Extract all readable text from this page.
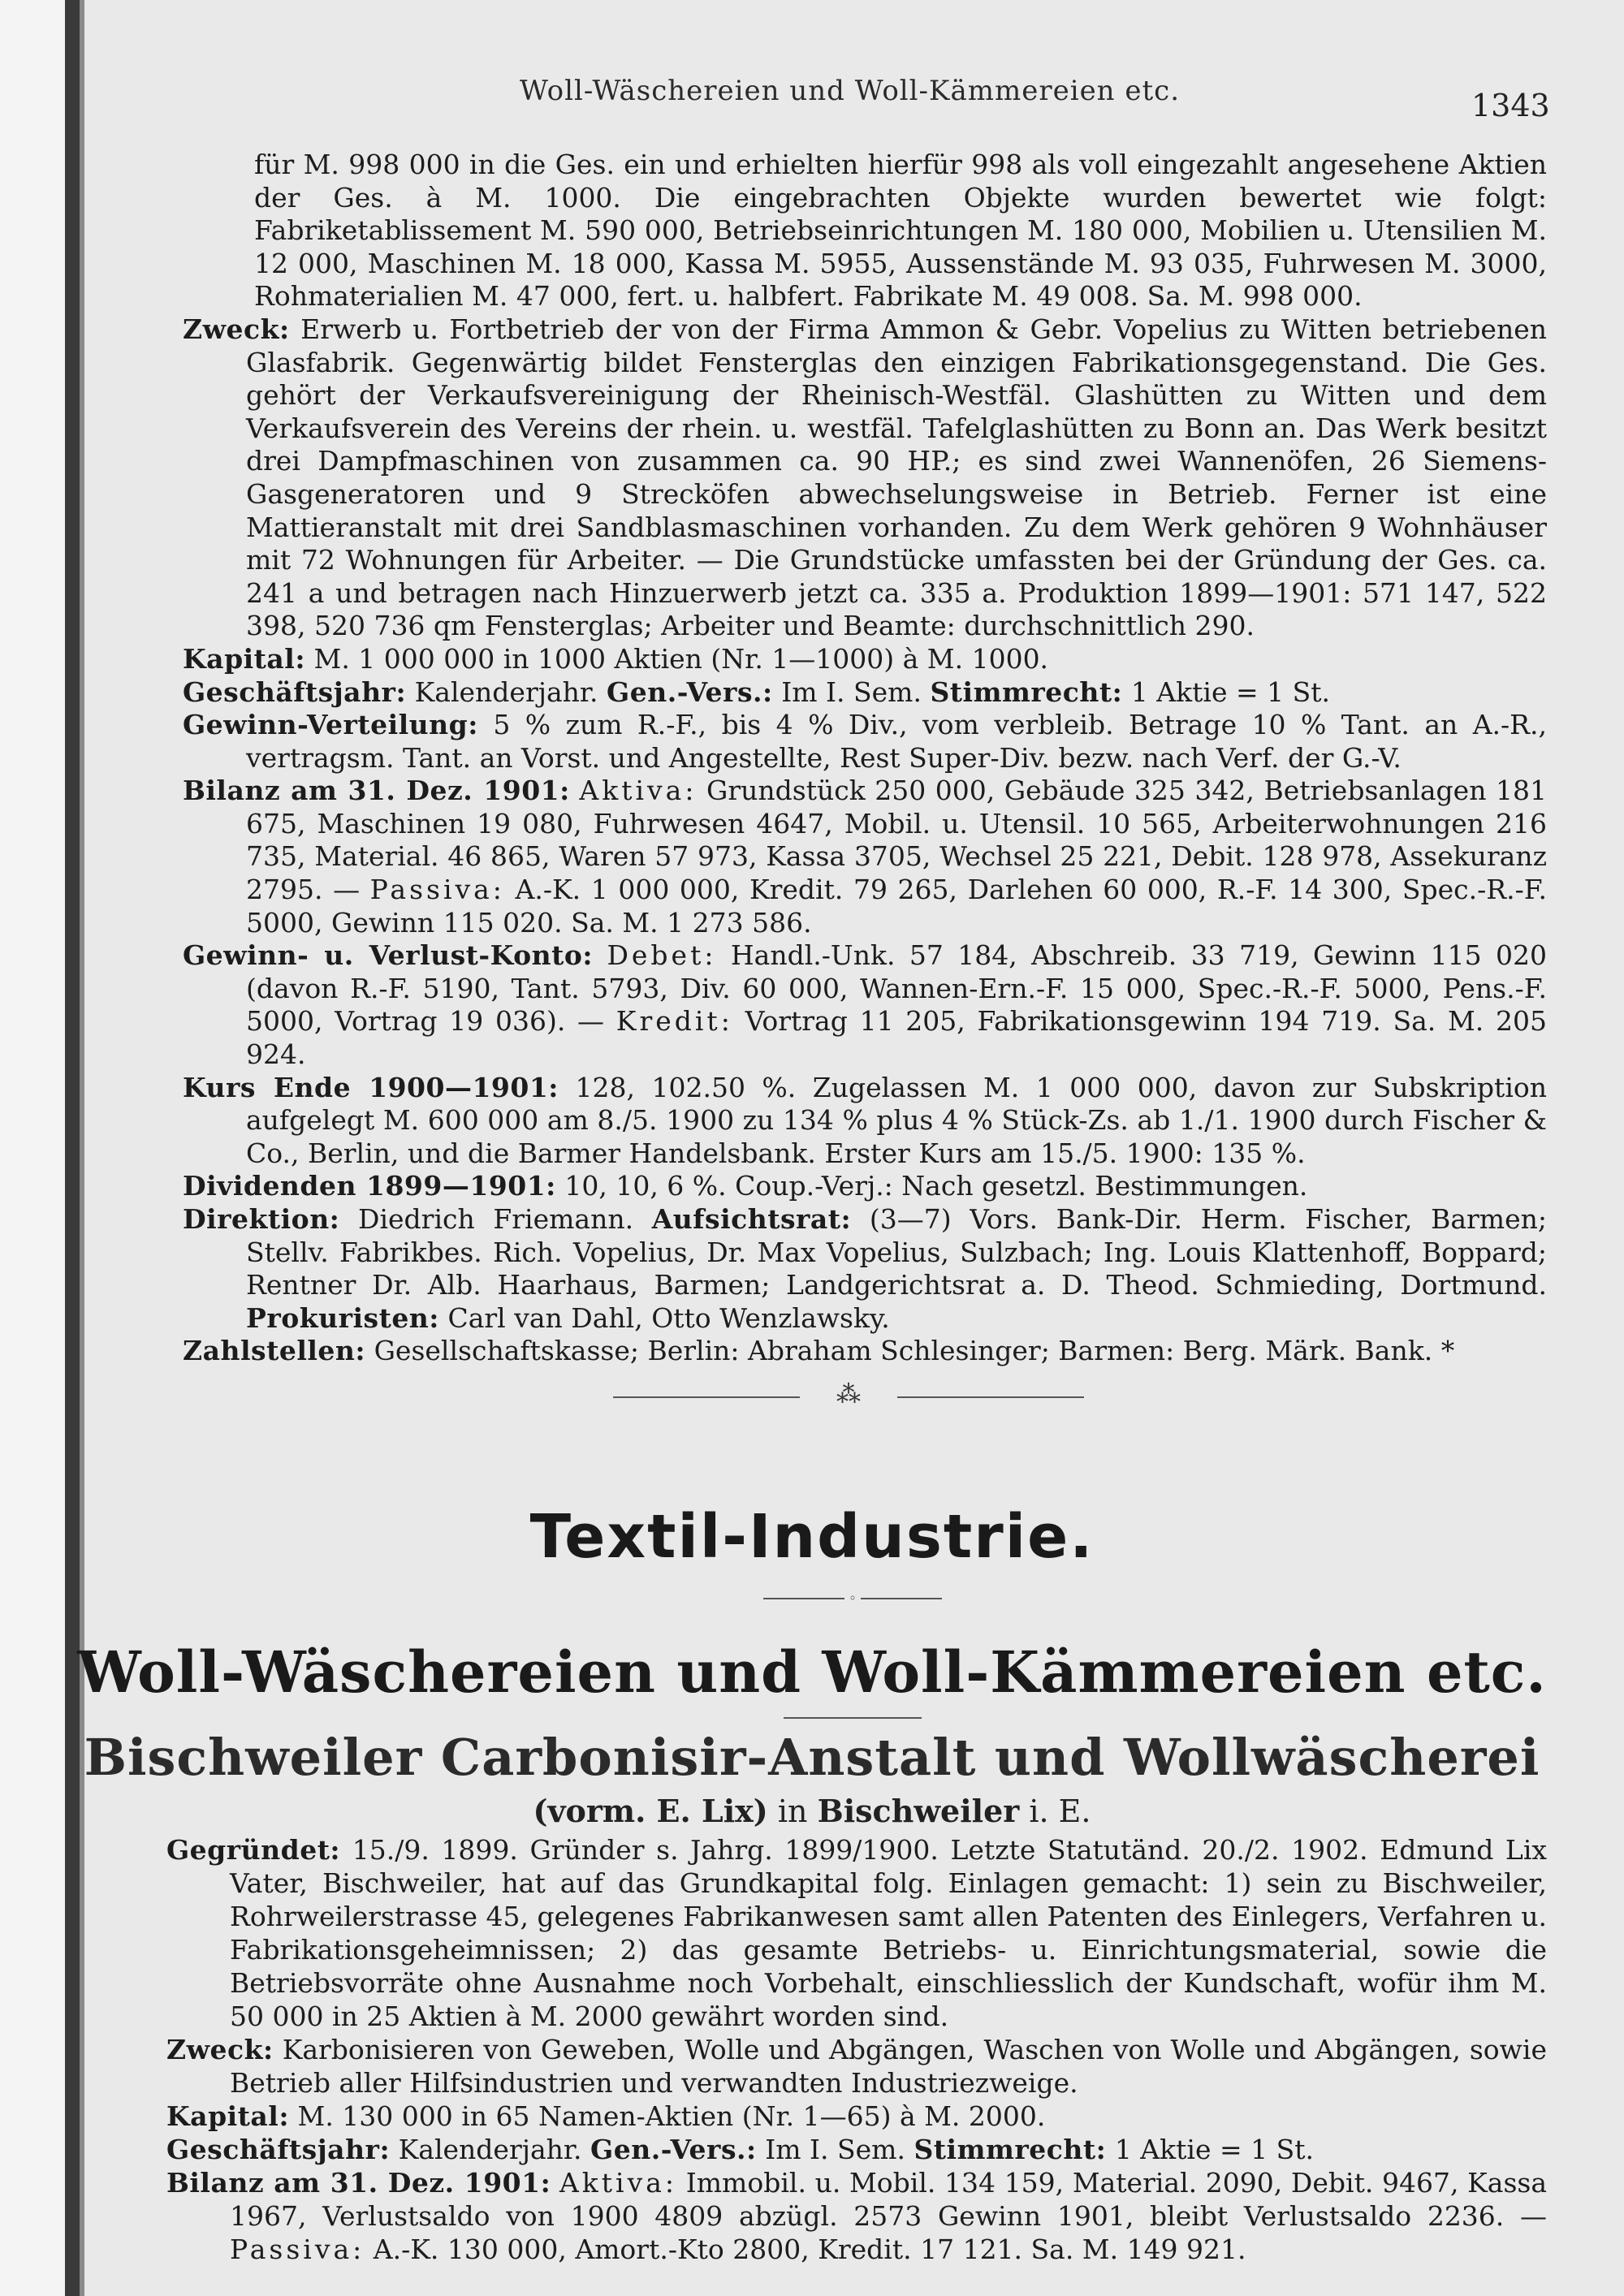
Woll-Wäschereien und Woll-Kämmereien etc.	1343

für M. 998 000 in die Ges. ein und erhielten hierfür 998 als voll eingezahlt angesehene Aktien der Ges. à M. 1000. Die eingebrachten Objekte wurden bewertet wie folgt: Fabriketablissement M. 590 000, Betriebseinrichtungen M. 180 000, Mobilien u. Utensilien M. 12 000, Maschinen M. 18 000, Kassa M. 5955, Aussenstände M. 93 035, Fuhrwesen M. 3000, Rohmaterialien M. 47 000, fert. u. halbfert. Fabrikate M. 49 008. Sa. M. 998 000.

Zweck: Erwerb u. Fortbetrieb der von der Firma Ammon & Gebr. Vopelius zu Witten betriebenen Glasfabrik. Gegenwärtig bildet Fensterglas den einzigen Fabrikationsgegenstand. Die Ges. gehört der Verkaufsvereinigung der Rheinisch-Westfäl. Glashütten zu Witten und dem Verkaufsverein des Vereins der rhein. u. westfäl. Tafelglashütten zu Bonn an. Das Werk besitzt drei Dampfmaschinen von zusammen ca. 90 HP.; es sind zwei Wannenöfen, 26 Siemens-Gasgeneratoren und 9 Strecköfen abwechselungsweise in Betrieb. Ferner ist eine Mattieranstalt mit drei Sandblasmaschinen vorhanden. Zu dem Werk gehören 9 Wohnhäuser mit 72 Wohnungen für Arbeiter. — Die Grundstücke umfassten bei der Gründung der Ges. ca. 241 a und betragen nach Hinzuerwerb jetzt ca. 335 a. Produktion 1899—1901: 571 147, 522 398, 520 736 qm Fensterglas; Arbeiter und Beamte: durchschnittlich 290.

Kapital: M. 1 000 000 in 1000 Aktien (Nr. 1—1000) à M. 1000.

Geschäftsjahr: Kalenderjahr. Gen.-Vers.: Im I. Sem. Stimmrecht: 1 Aktie = 1 St.

Gewinn-Verteilung: 5 % zum R.-F., bis 4 % Div., vom verbleib. Betrage 10 % Tant. an A.-R., vertragsm. Tant. an Vorst. und Angestellte, Rest Super-Div. bezw. nach Verf. der G.-V.

Bilanz am 31. Dez. 1901: Aktiva: Grundstück 250 000, Gebäude 325 342, Betriebsanlagen 181 675, Maschinen 19 080, Fuhrwesen 4647, Mobil. u. Utensil. 10 565, Arbeiterwohnungen 216 735, Material. 46 865, Waren 57 973, Kassa 3705, Wechsel 25 221, Debit. 128 978, Assekuranz 2795. — Passiva: A.-K. 1 000 000, Kredit. 79 265, Darlehen 60 000, R.-F. 14 300, Spec.-R.-F. 5000, Gewinn 115 020. Sa. M. 1 273 586.

Gewinn- u. Verlust-Konto: Debet: Handl.-Unk. 57 184, Abschreib. 33 719, Gewinn 115 020 (davon R.-F. 5190, Tant. 5793, Div. 60 000, Wannen-Ern.-F. 15 000, Spec.-R.-F. 5000, Pens.-F. 5000, Vortrag 19 036). — Kredit: Vortrag 11 205, Fabrikationsgewinn 194 719. Sa. M. 205 924.

Kurs Ende 1900—1901: 128, 102.50 %. Zugelassen M. 1 000 000, davon zur Subskription aufgelegt M. 600 000 am 8./5. 1900 zu 134 % plus 4 % Stück-Zs. ab 1./1. 1900 durch Fischer & Co., Berlin, und die Barmer Handelsbank. Erster Kurs am 15./5. 1900: 135 %.

Dividenden 1899—1901: 10, 10, 6 %. Coup.-Verj.: Nach gesetzl. Bestimmungen.

Direktion: Diedrich Friemann. Aufsichtsrat: (3—7) Vors. Bank-Dir. Herm. Fischer, Barmen; Stellv. Fabrikbes. Rich. Vopelius, Dr. Max Vopelius, Sulzbach; Ing. Louis Klattenhoff, Boppard; Rentner Dr. Alb. Haarhaus, Barmen; Landgerichtsrat a. D. Theod. Schmieding, Dortmund. Prokuristen: Carl van Dahl, Otto Wenzlawsky.

Zahlstellen: Gesellschaftskasse; Berlin: Abraham Schlesinger; Barmen: Berg. Märk. Bank. *

⁂
Textil-Industrie.
◦
Woll-Wäschereien und Woll-Kämmereien etc.
Bischweiler Carbonisir-Anstalt und Wollwäscherei
(vorm. E. Lix) in Bischweiler i. E.

Gegründet: 15./9. 1899. Gründer s. Jahrg. 1899/1900. Letzte Statutänd. 20./2. 1902. Edmund Lix Vater, Bischweiler, hat auf das Grundkapital folg. Einlagen gemacht: 1) sein zu Bischweiler, Rohrweilerstrasse 45, gelegenes Fabrikanwesen samt allen Patenten des Einlegers, Verfahren u. Fabrikationsgeheimnissen; 2) das gesamte Betriebs- u. Einrichtungsmaterial, sowie die Betriebsvorräte ohne Ausnahme noch Vorbehalt, einschliesslich der Kundschaft, wofür ihm M. 50 000 in 25 Aktien à M. 2000 gewährt worden sind.

Zweck: Karbonisieren von Geweben, Wolle und Abgängen, Waschen von Wolle und Abgängen, sowie Betrieb aller Hilfsindustrien und verwandten Industriezweige.

Kapital: M. 130 000 in 65 Namen-Aktien (Nr. 1—65) à M. 2000.

Geschäftsjahr: Kalenderjahr. Gen.-Vers.: Im I. Sem. Stimmrecht: 1 Aktie = 1 St.

Bilanz am 31. Dez. 1901: Aktiva: Immobil. u. Mobil. 134 159, Material. 2090, Debit. 9467, Kassa 1967, Verlustsaldo von 1900 4809 abzügl. 2573 Gewinn 1901, bleibt Verlustsaldo 2236. — Passiva: A.-K. 130 000, Amort.-Kto 2800, Kredit. 17 121. Sa. M. 149 921.
